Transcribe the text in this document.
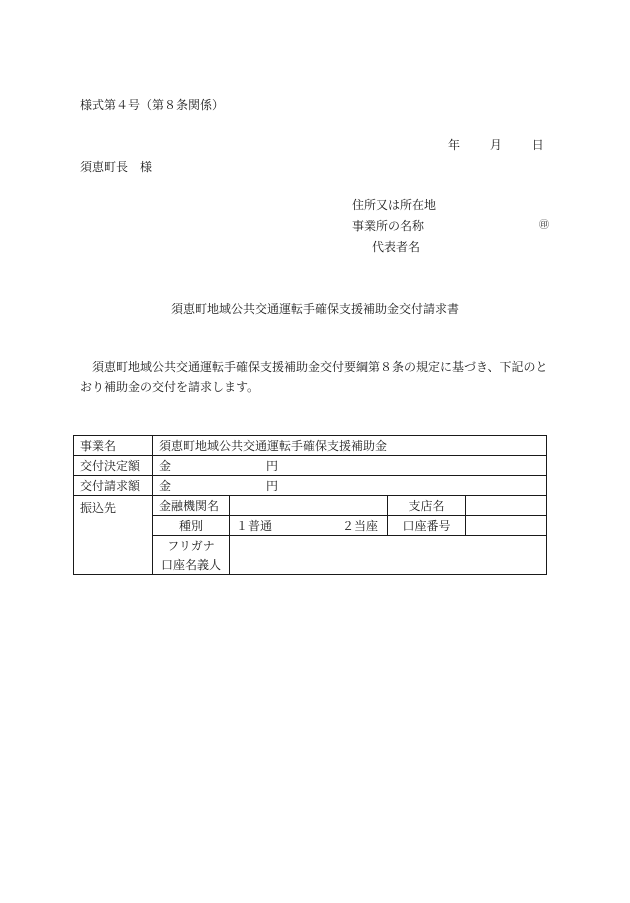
様式第４号（第８条関係）
年 月 日
須恵町長　様
住所又は所在地
事業所の名称	㊞
代表者名
須恵町地域公共交通運転手確保支援補助金交付請求書
須恵町地域公共交通運転手確保支援補助金交付要綱第８条の規定に基づき、下記のとおり補助金の交付を請求します。
事業名	須恵町地域公共交通運転手確保支援補助金			
交付決定額	金 円			
交付請求額	金 円			
振込先	金融機関名		支店名	
	種別	１普通 ２当座	口座番号	
	フリガナ			
	口座名義人			
